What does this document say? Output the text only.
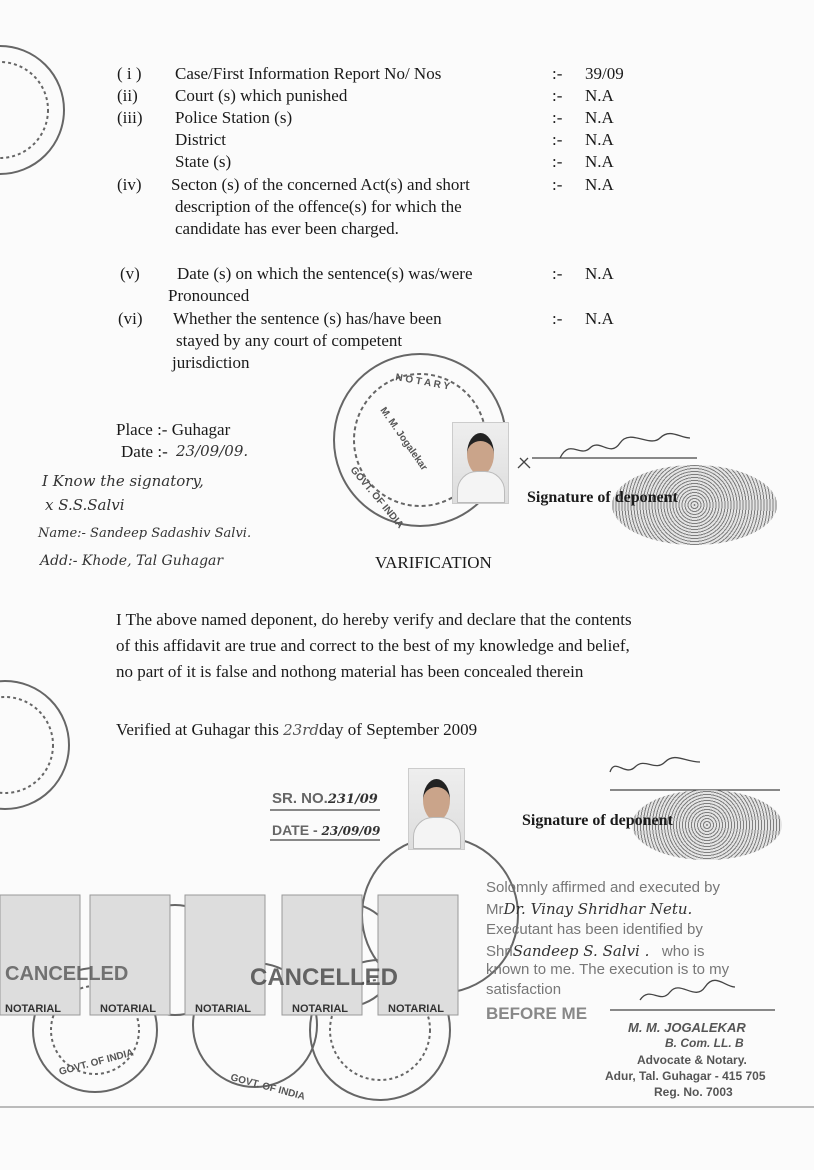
NOTARIAL	NOTARIAL	NOTARIAL	NOTARIAL	NOTARIAL
CANCELLED
CANCELLED
N O T A R Y
M. M. Jogalekar
GOVT. OF INDIA
GOVT. OF INDIA
GOVT. OF INDIA
( i ) Case/First Information Report No/ Nos	:- 39/09
(ii) Court (s) which punished	:- N.A
(iii) Police Station (s)	:- N.A
District	:- N.A
State (s)	:- N.A
(iv) Secton (s) of the concerned Act(s) and short
description of the offence(s) for which the
candidate has ever been charged.
:- N.A
(v) Date (s) on which the sentence(s) was/were
Pronounced
:- N.A
(vi) Whether the sentence (s) has/have been
stayed by any court of competent
jurisdiction
:- N.A
Place :- Guhagar
Date :- 23/09/09.
I Know the signatory,
x S.S.Salvi
Name:- Sandeep Sadashiv Salvi.
Add:- Khode, Tal Guhagar
Signature of deponent
VARIFICATION
I The above named deponent, do hereby verify and declare that the contents
of this affidavit are true and correct to the best of my knowledge and belief,
no part of it is false and nothong material has been concealed therein
Verified at Guhagar this 23rdday of September 2009
SR. NO.231/09
DATE - 23/09/09
Signature of deponent
Solomnly affirmed and executed by
MrDr. Vinay Shridhar Netu.
Executant has been identified by
ShriSandeep S. Salvi . who is
known to me. The execution is to my
satisfaction
BEFORE ME
M. M. JOGALEKAR
B. Com. LL. B
Advocate & Notary.
Adur, Tal. Guhagar - 415 705
Reg. No. 7003
